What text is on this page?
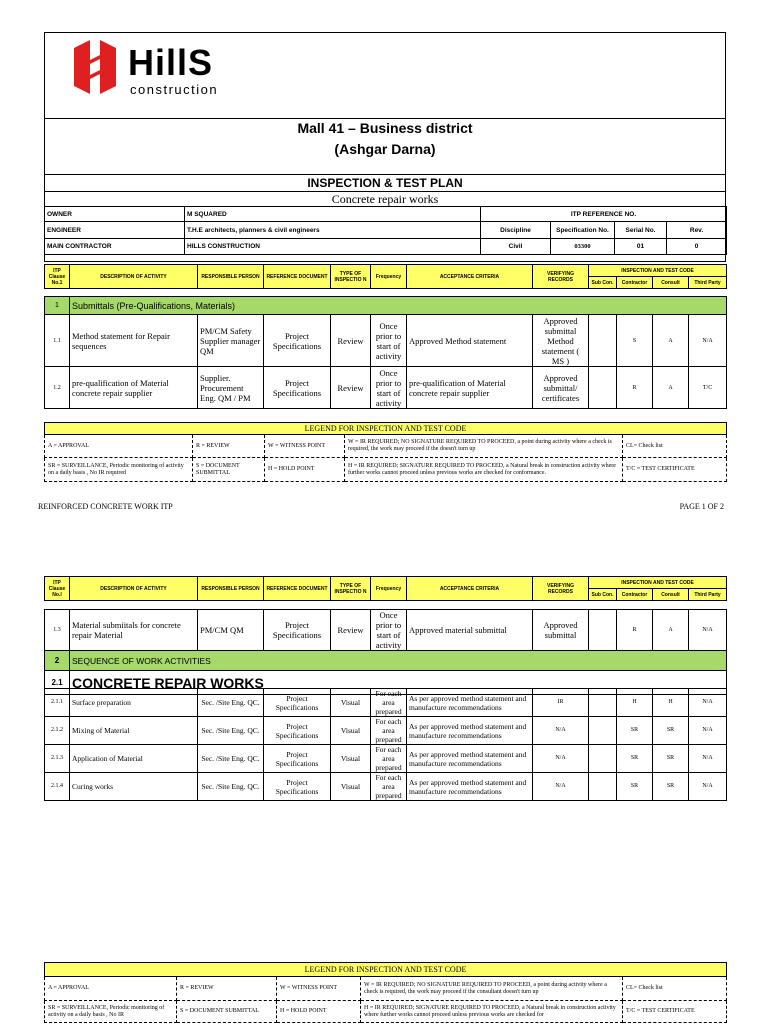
HillS
construction
Mall 41 – Business district
(Ashgar Darna)
INSPECTION & TEST PLAN
Concrete repair works
OWNER	M SQUARED	ITP REFERENCE NO.			
ENGINEER	T.H.E architects, planners & civil engineers	Discipline	Specification No.	Serial No.	Rev.
MAIN CONTRACTOR	HILLS CONSTRUCTION	Civil	03300	01	0
ITP Clause No.1	DESCRIPTION OF ACTIVITY	RESPONSIBLE PERSON	REFERENCE DOCUMENT	TYPE OF INSPECTIO N	Frequency	ACCEPTANCE CRITERIA	VERIFYING RECORDS	INSPECTION AND TEST CODE			
								Sub Con.	Contractor	Consult	Third Party
1	Submittals (Pre-Qualifications, Materials)										
1.1	Method statement for Repair sequences	PM/CM Safety Supplier manager QM	Project Specifications	Review	Once prior to start of activity	Approved Method statement	Approved submittal Method statement ( MS )		S	A	N/A
1.2	pre-qualification of Material concrete repair supplier	Supplier. Procurement Eng. QM / PM	Project Specifications	Review	Once prior to start of activity	pre-qualification of Material concrete repair supplier	Approved submittal/ certificates		R	A	T/C
LEGEND FOR INSPECTION AND TEST CODE				
A = APPROVAL	R = REVIEW	W = WITNESS POINT	W = IR REQUIRED; NO SIGNATURE REQUIRED TO PROCEED, a point during activity where a check is required, the work may proceed if the doesn't turn up	CL= Check list
SR = SURVEILLANCE, Periodic monitoring of activity on a daily basis , No IR required	S = DOCUMENT SUBMITTAL	H = HOLD POINT	H = IR REQUIRED; SIGNATURE REQUIRED TO PROCEED, a Natural break in construction activity where further works cannot proceed unless previous works are checked for conformance.	T/C = TEST CERTIFICATE
REINFORCED CONCRETE WORK ITP	PAGE 1 OF 2
ITP Clause No.l	DESCRIPTION OF ACTIVITY	RESPONSIBLE PERSON	REFERENCE DOCUMENT	TYPE OF INSPECTIO N	Frequency	ACCEPTANCE CRITERIA	VERIFYING RECORDS	INSPECTION AND TEST CODE			
								Sub Con.	Contractor	Consult	Third Party
1.3	Material submiitals for concrete repair Material	PM/CM QM	Project Specifications	Review	Once prior to start of activity	Approved material submittal	Approved submittal		R	A	N/A
2	SEQUENCE OF WORK ACTIVITIES										
2.1	CONCRETE REPAIR WORKS										
2.1.1	Surface preparation	Sec. /Site Eng. QC.	Project Specifications	Visual	For each area prepared	As per approved method statement and manufacture recommendations	IR		H	H	N/A
2.1.2	Mixing of Material	Sec. /Site Eng. QC.	Project Specifications	Visual	For each area prepared	As per approved method statement and manufacture recommendations	N/A		SR	SR	N/A
2.1.3	Application of Material	Sec. /Site Eng. QC.	Project Specifications	Visual	For each area prepared	As per approved method statement and manufacture recommendations	N/A		SR	SR	N/A
2.1.4	Curing works	Sec. /Site Eng. QC.	Project Specifications	Visual	For each area prepared	As per approved method statement and manufacture recommendations	N/A		SR	SR	N/A
LEGEND FOR INSPECTION AND TEST CODE				
A = APPROVAL	R = REVIEW	W = WITNESS POINT	W = IR REQUIRED; NO SIGNATURE REQUIRED TO PROCEED, a point during activity where a check is required, the work may proceed if the consultant doesn't turn up	CL= Check list
SR = SURVEILLANCE, Periodic monitoring of activity on a daily basis , No IR	S = DOCUMENT SUBMITTAL	H = HOLD POINT	H = IR REQUIRED; SIGNATURE REQUIRED TO PROCEED, a Natural break in construction activity where further works cannot proceed unless previous works are checked for	T/C = TEST CERTIFICATE
